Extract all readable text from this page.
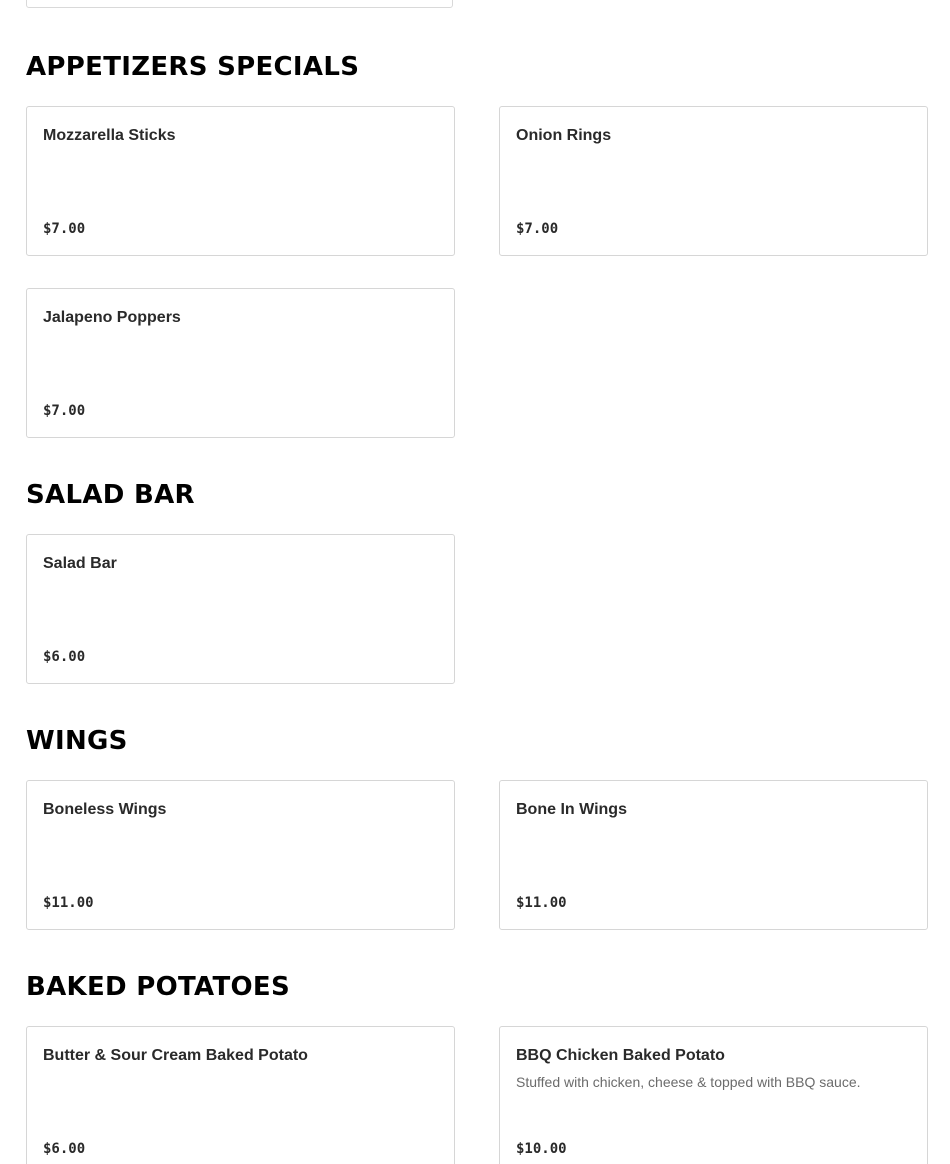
APPETIZERS SPECIALS
Mozzarella Sticks
$7.00
Onion Rings
$7.00
Jalapeno Poppers
$7.00
SALAD BAR
Salad Bar
$6.00
WINGS
Boneless Wings
$11.00
Bone In Wings
$11.00
BAKED POTATOES
Butter & Sour Cream Baked Potato
$6.00
BBQ Chicken Baked Potato
Stuffed with chicken, cheese & topped with BBQ sauce.
$10.00
